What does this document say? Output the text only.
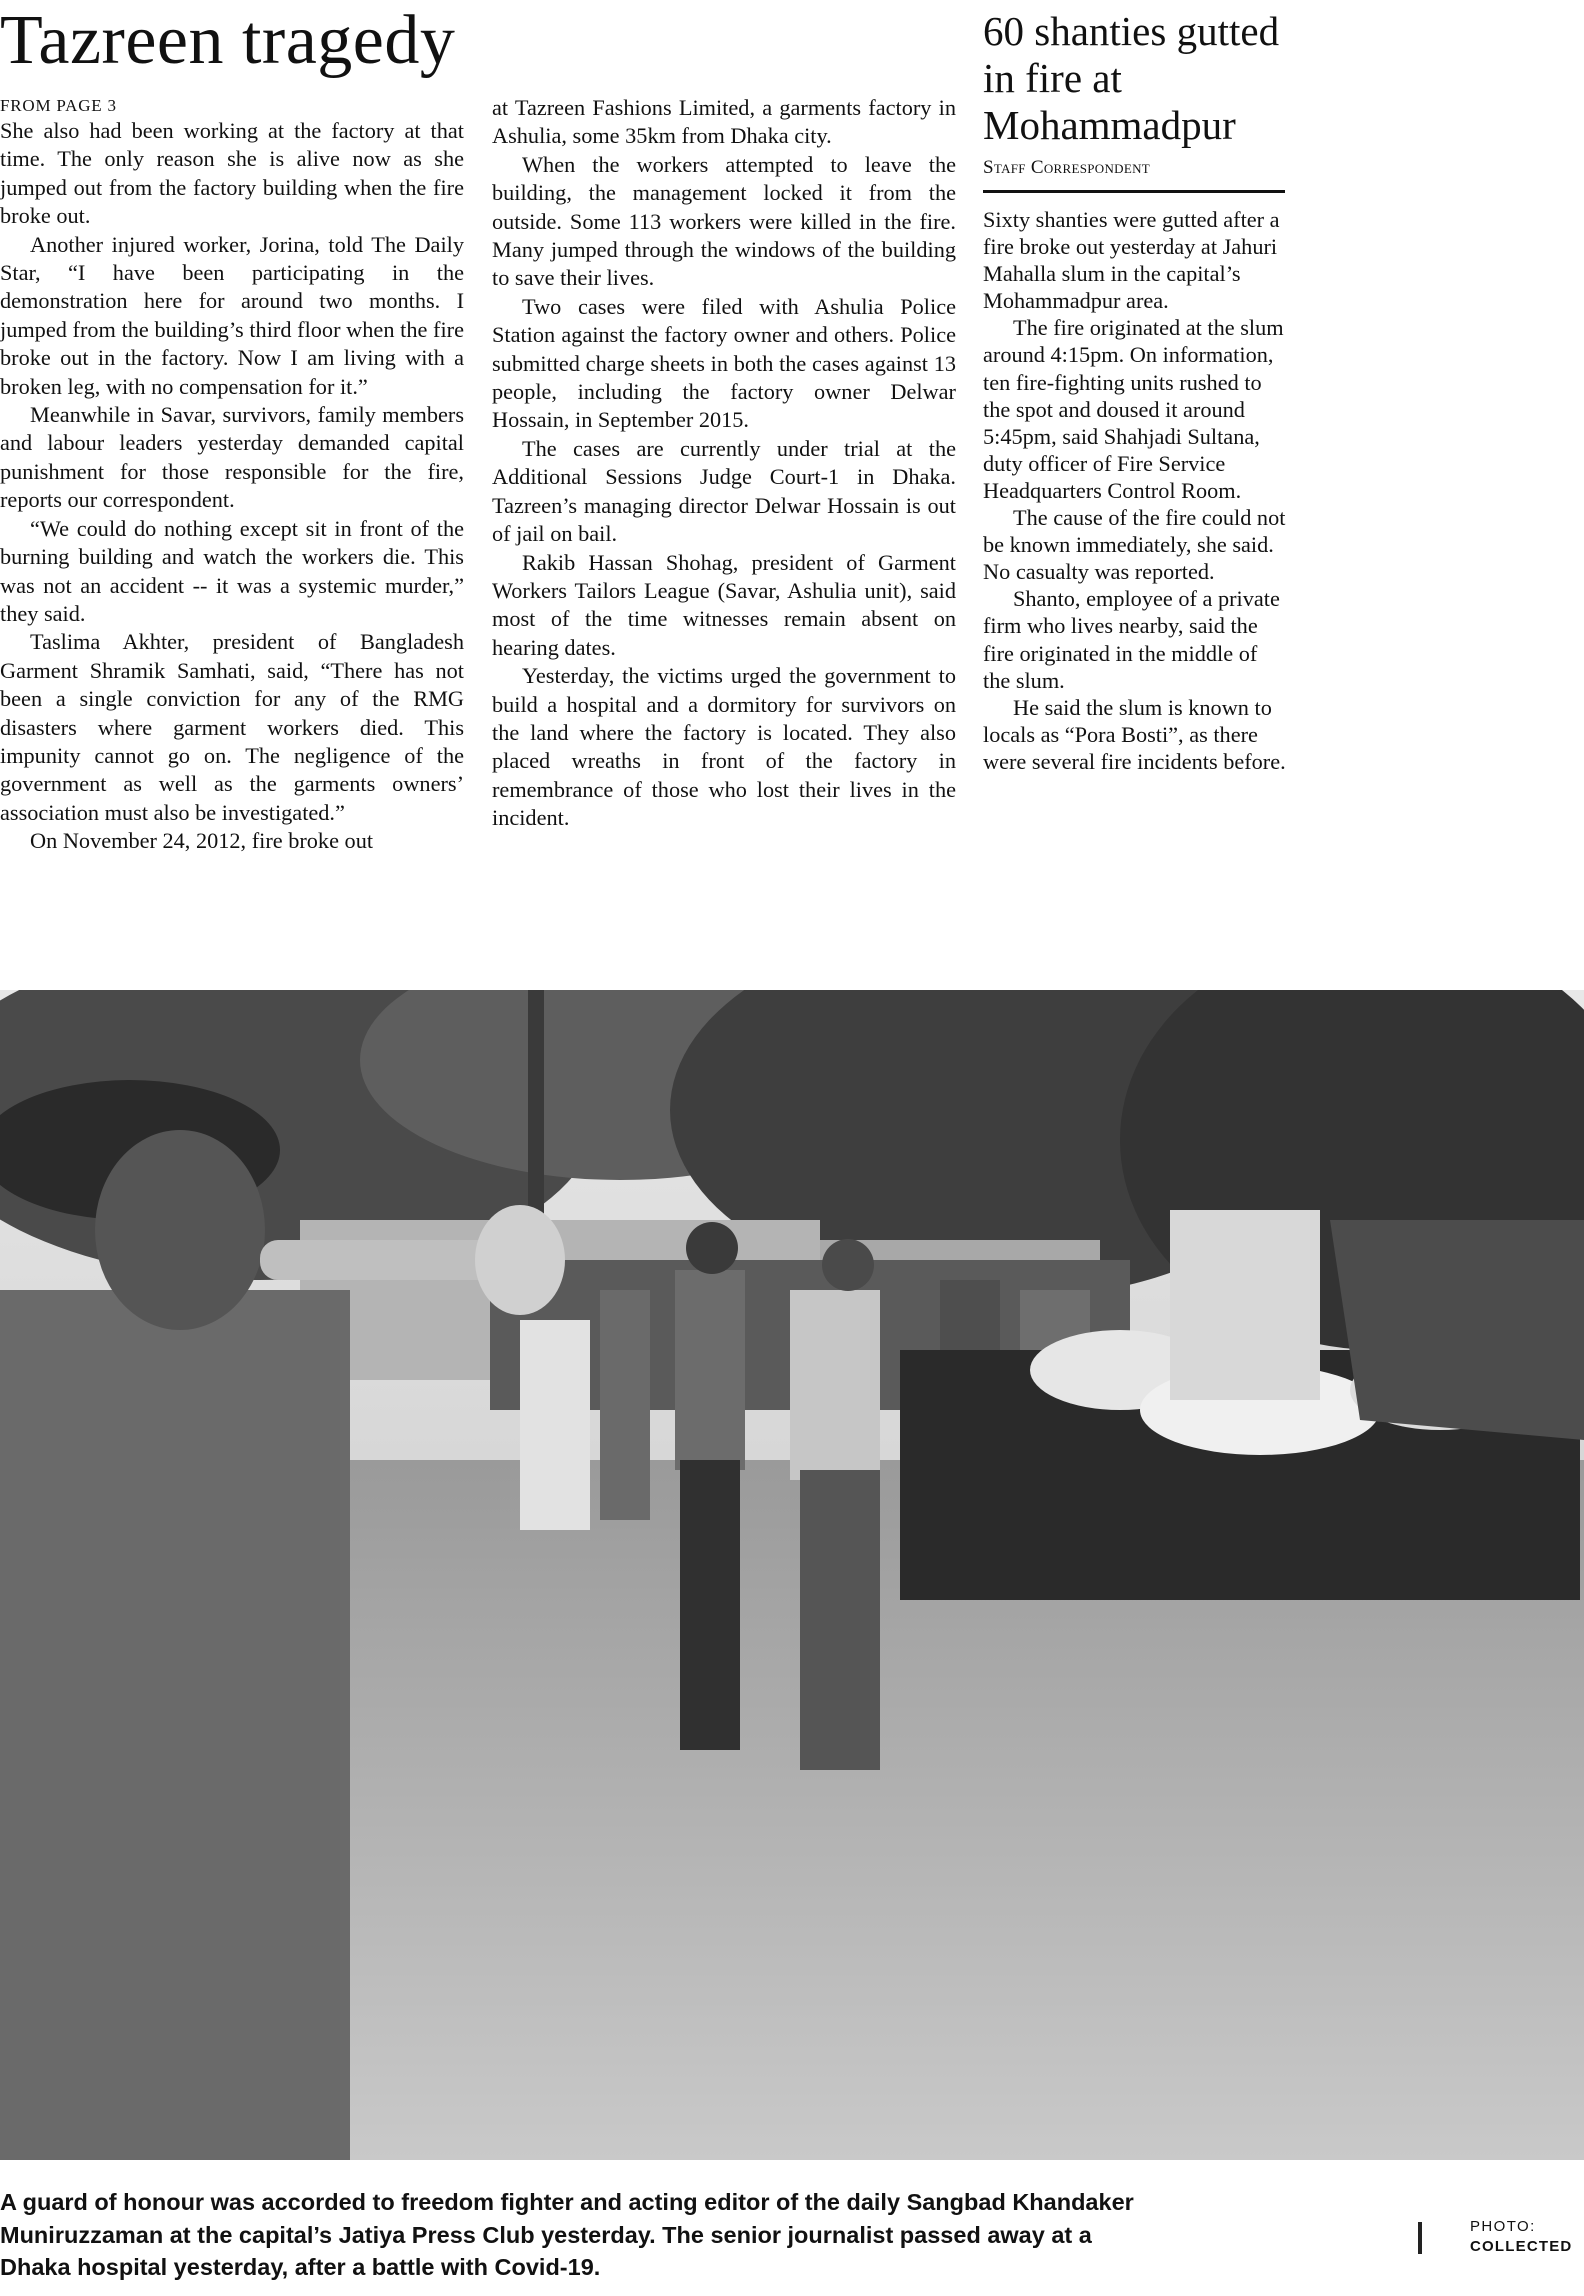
Tazreen tragedy
FROM PAGE 3

She also had been working at the factory at that time. The only reason she is alive now as she jumped out from the factory building when the fire broke out.

Another injured worker, Jorina, told The Daily Star, “I have been participating in the demonstration here for around two months. I jumped from the building’s third floor when the fire broke out in the factory. Now I am living with a broken leg, with no compensation for it.”

Meanwhile in Savar, survivors, family members and labour leaders yesterday demanded capital punishment for those responsible for the fire, reports our correspondent.

“We could do nothing except sit in front of the burning building and watch the workers die. This was not an accident -- it was a systemic murder,” they said.

Taslima Akhter, president of Bangladesh Garment Shramik Samhati, said, “There has not been a single conviction for any of the RMG disasters where garment workers died. This impunity cannot go on. The negligence of the government as well as the garments owners’ association must also be investigated.”

On November 24, 2012, fire broke out

at Tazreen Fashions Limited, a garments factory in Ashulia, some 35km from Dhaka city.

When the workers attempted to leave the building, the management locked it from the outside. Some 113 workers were killed in the fire. Many jumped through the windows of the building to save their lives.

Two cases were filed with Ashulia Police Station against the factory owner and others. Police submitted charge sheets in both the cases against 13 people, including the factory owner Delwar Hossain, in September 2015.

The cases are currently under trial at the Additional Sessions Judge Court-1 in Dhaka. Tazreen’s managing director Delwar Hossain is out of jail on bail.

Rakib Hassan Shohag, president of Garment Workers Tailors League (Savar, Ashulia unit), said most of the time witnesses remain absent on hearing dates.

Yesterday, the victims urged the government to build a hospital and a dormitory for survivors on the land where the factory is located. They also placed wreaths in front of the factory in remembrance of those who lost their lives in the incident.

60 shanties gutted in fire at Mohammadpur
Staff Correspondent

Sixty shanties were gutted after a fire broke out yesterday at Jahuri Mahalla slum in the capital’s Mohammadpur area.

The fire originated at the slum around 4:15pm. On information, ten fire-fighting units rushed to the spot and doused it around 5:45pm, said Shahjadi Sultana, duty officer of Fire Service Headquarters Control Room.

The cause of the fire could not be known immediately, she said. No casualty was reported.

Shanto, employee of a private firm who lives nearby, said the fire originated in the middle of the slum.

He said the slum is known to locals as “Pora Bosti”, as there were several fire incidents before.

A guard of honour was accorded to freedom fighter and acting editor of the daily Sangbad Khandaker Muniruzzaman at the capital’s Jatiya Press Club yesterday. The senior journalist passed away at a Dhaka hospital yesterday, after a battle with Covid-19.
PHOTO:
COLLECTED
